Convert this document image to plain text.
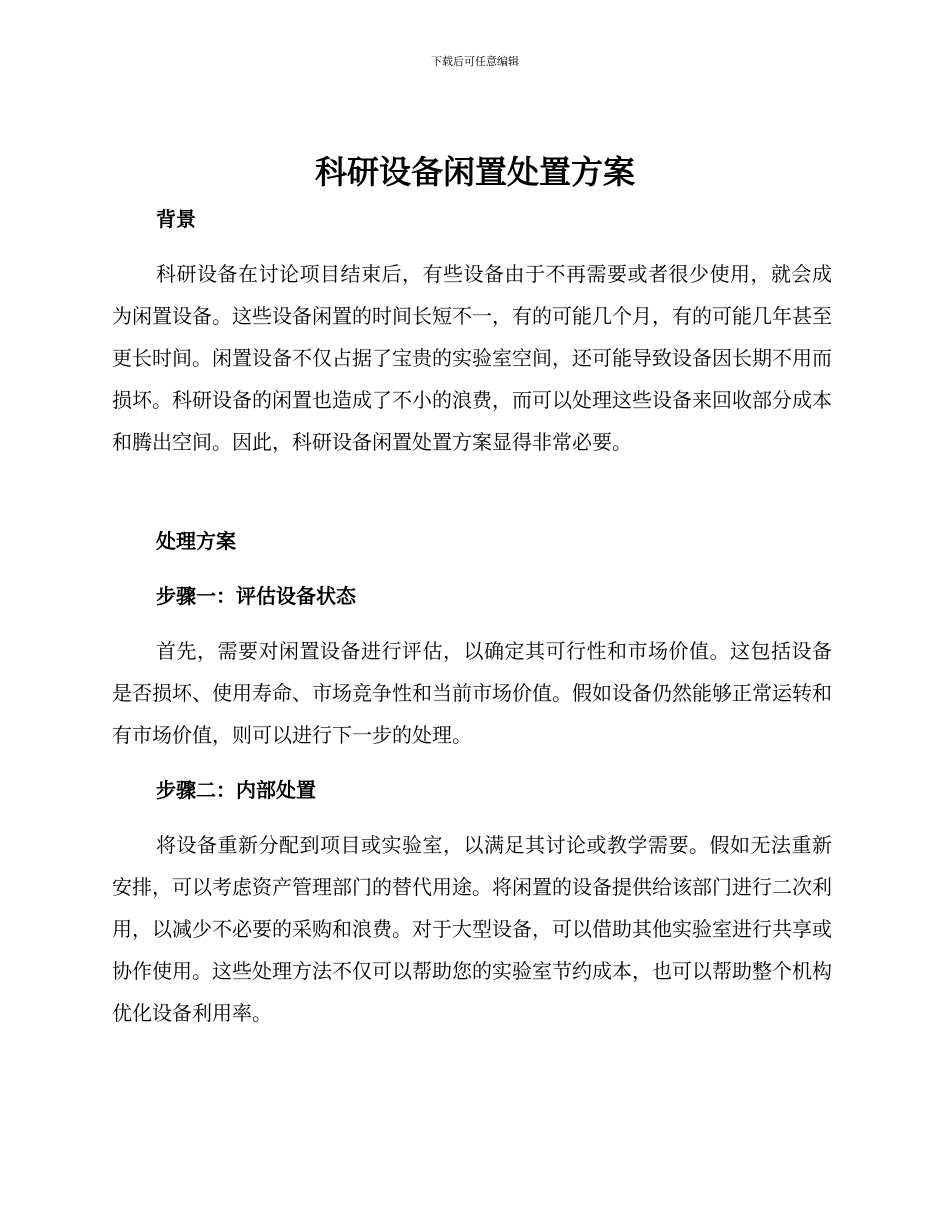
下载后可任意编辑
科研设备闲置处置方案
背景

科研设备在讨论项目结束后，有些设备由于不再需要或者很少使用，就会成为闲置设备。这些设备闲置的时间长短不一，有的可能几个月，有的可能几年甚至更长时间。闲置设备不仅占据了宝贵的实验室空间，还可能导致设备因长期不用而损坏。科研设备的闲置也造成了不小的浪费，而可以处理这些设备来回收部分成本和腾出空间。因此，科研设备闲置处置方案显得非常必要。

处理方案
步骤一：评估设备状态

首先，需要对闲置设备进行评估，以确定其可行性和市场价值。这包括设备是否损坏、使用寿命、市场竞争性和当前市场价值。假如设备仍然能够正常运转和有市场价值，则可以进行下一步的处理。

步骤二：内部处置

将设备重新分配到项目或实验室，以满足其讨论或教学需要。假如无法重新安排，可以考虑资产管理部门的替代用途。将闲置的设备提供给该部门进行二次利用，以减少不必要的采购和浪费。对于大型设备，可以借助其他实验室进行共享或协作使用。这些处理方法不仅可以帮助您的实验室节约成本，也可以帮助整个机构优化设备利用率。
